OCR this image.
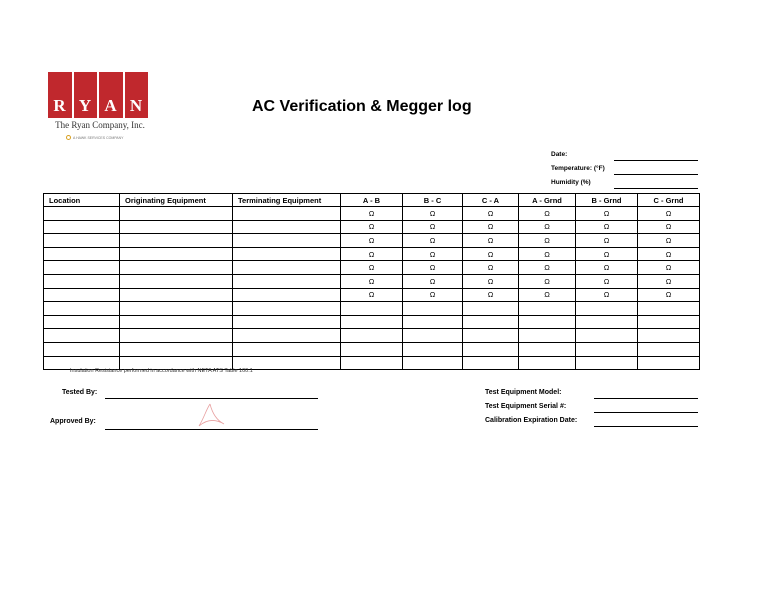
R Y A N
The Ryan Company, Inc.
A HAWK SERVICES COMPANY
AC Verification & Megger log
Date:
Temperature: (°F)
Humidity (%)
Location	Originating Equipment	Terminating Equipment	A - B	B - C	C - A	A - Grnd	B - Grnd	C - Grnd
			Ω	Ω	Ω	Ω	Ω	Ω
			Ω	Ω	Ω	Ω	Ω	Ω
			Ω	Ω	Ω	Ω	Ω	Ω
			Ω	Ω	Ω	Ω	Ω	Ω
			Ω	Ω	Ω	Ω	Ω	Ω
			Ω	Ω	Ω	Ω	Ω	Ω
			Ω	Ω	Ω	Ω	Ω	Ω

Insulation Resistance performed in accordance with NETA ATS Table 100.1
Tested By:
Approved By:
Test Equipment Model:
Test Equipment Serial #:
Calibration Expiration Date:
